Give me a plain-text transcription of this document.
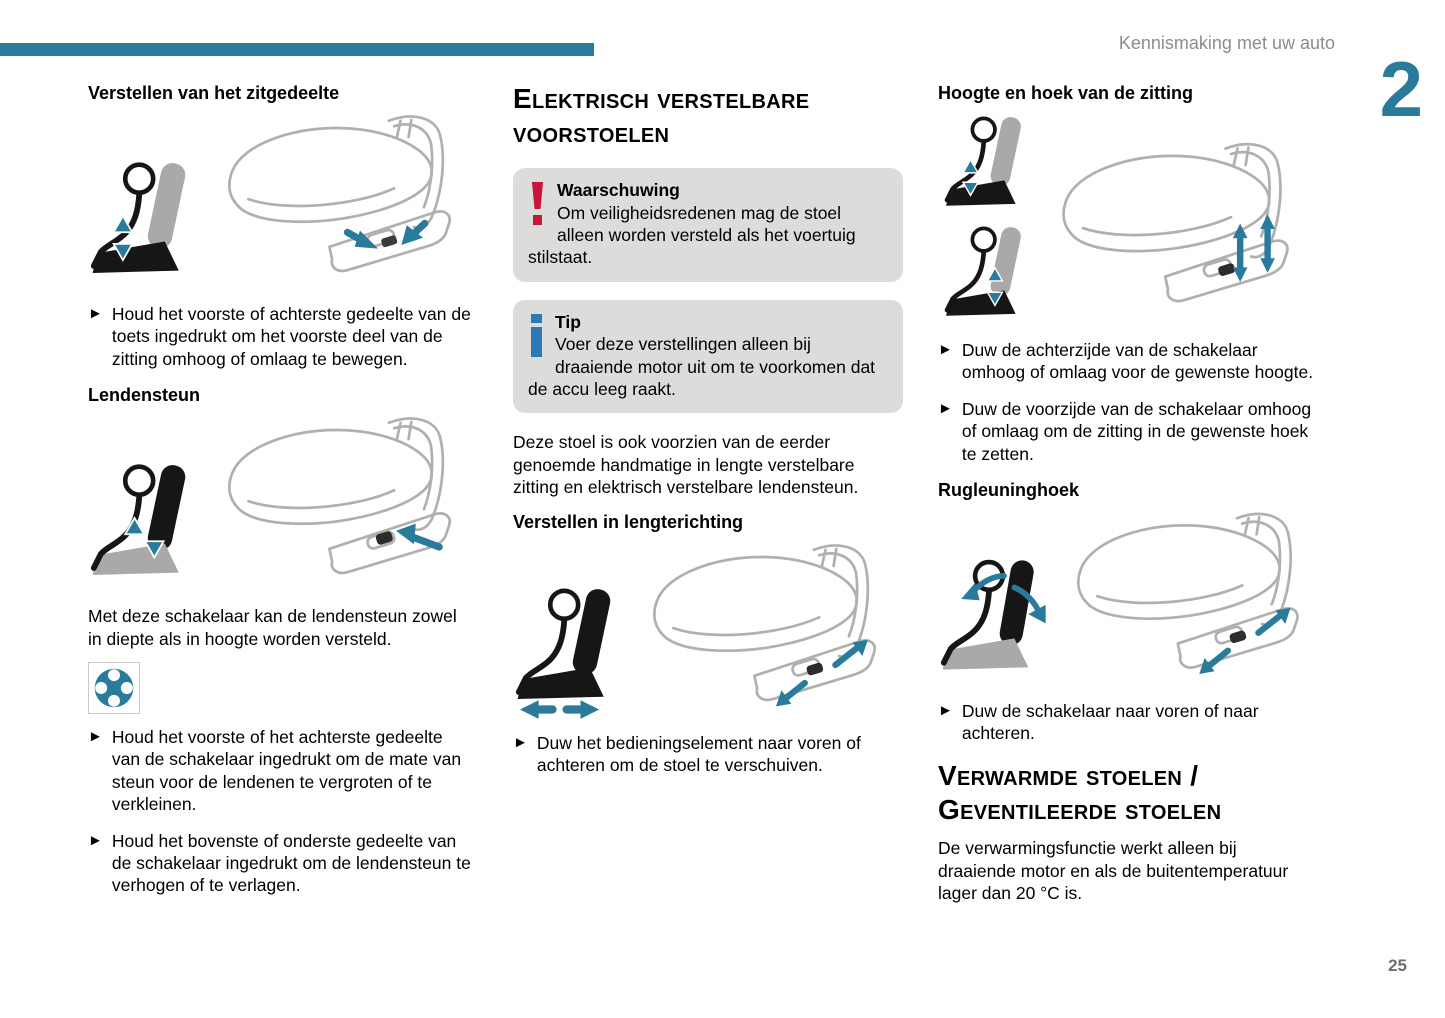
Kennismaking met uw auto
2
Verstellen van het zitgedeelte
► Houd het voorste of achterste gedeelte van de toets ingedrukt om het voorste deel van de zitting omhoog of omlaag te bewegen.
Lendensteun

Met deze schakelaar kan de lendensteun zowel in diepte als in hoogte worden versteld.

► Houd het voorste of het achterste gedeelte van de schakelaar ingedrukt om de mate van steun voor de lendenen te vergroten of te verkleinen.
► Houd het bovenste of onderste gedeelte van de schakelaar ingedrukt om de lendensteun te verhogen of te verlagen.
Elektrisch verstelbare voorstoelen
Waarschuwing
Om veiligheidsredenen mag de stoel alleen worden versteld als het voertuig stilstaat.
Tip
Voer deze verstellingen alleen bij draaiende motor uit om te voorkomen dat de accu leeg raakt.

Deze stoel is ook voorzien van de eerder genoemde handmatige in lengte verstelbare zitting en elektrisch verstelbare lendensteun.

Verstellen in lengterichting
► Duw het bedieningselement naar voren of achteren om de stoel te verschuiven.
Hoogte en hoek van de zitting
► Duw de achterzijde van de schakelaar omhoog of omlaag voor de gewenste hoogte.
► Duw de voorzijde van de schakelaar omhoog of omlaag om de zitting in de gewenste hoek te zetten.
Rugleuninghoek
► Duw de schakelaar naar voren of naar achteren.
Verwarmde stoelen / Geventileerde stoelen

De verwarmingsfunctie werkt alleen bij draaiende motor en als de buitentemperatuur lager dan 20 °C is.

25
